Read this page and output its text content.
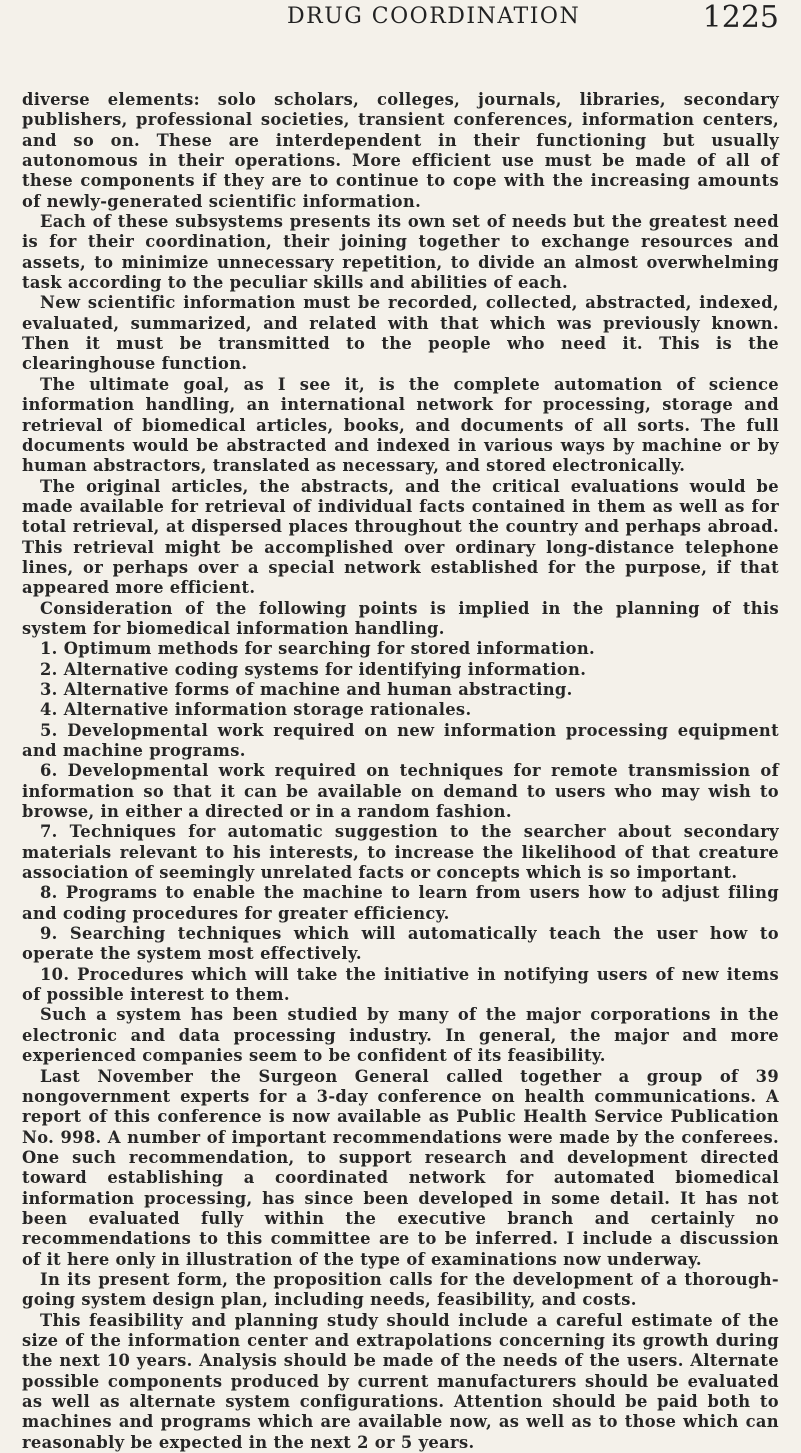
DRUG COORDINATION	1225

diverse elements: solo scholars, colleges, journals, libraries, secondary publishers, professional societies, transient conferences, information centers, and so on. These are interdependent in their functioning but usually autonomous in their operations. More efficient use must be made of all of these components if they are to continue to cope with the increasing amounts of newly-generated scientific information.

Each of these subsystems presents its own set of needs but the greatest need is for their coordination, their joining together to exchange resources and assets, to minimize unnecessary repetition, to divide an almost overwhelming task according to the peculiar skills and abilities of each.

New scientific information must be recorded, collected, abstracted, indexed, evaluated, summarized, and related with that which was previously known. Then it must be transmitted to the people who need it. This is the clearinghouse function.

The ultimate goal, as I see it, is the complete automation of science information handling, an international network for processing, storage and retrieval of biomedical articles, books, and documents of all sorts. The full documents would be abstracted and indexed in various ways by machine or by human abstractors, translated as necessary, and stored electronically.

The original articles, the abstracts, and the critical evaluations would be made available for retrieval of individual facts contained in them as well as for total retrieval, at dispersed places throughout the country and perhaps abroad. This retrieval might be accomplished over ordinary long-distance telephone lines, or perhaps over a special network established for the purpose, if that appeared more efficient.

Consideration of the following points is implied in the planning of this system for biomedical information handling.

1. Optimum methods for searching for stored information.
2. Alternative coding systems for identifying information.
3. Alternative forms of machine and human abstracting.
4. Alternative information storage rationales.
5. Developmental work required on new information processing equipment and machine programs.
6. Developmental work required on techniques for remote transmission of information so that it can be available on demand to users who may wish to browse, in either a directed or in a random fashion.
7. Techniques for automatic suggestion to the searcher about secondary materials relevant to his interests, to increase the likelihood of that creature association of seemingly unrelated facts or concepts which is so important.
8. Programs to enable the machine to learn from users how to adjust filing and coding procedures for greater efficiency.
9. Searching techniques which will automatically teach the user how to operate the system most effectively.
10. Procedures which will take the initiative in notifying users of new items of possible interest to them.

Such a system has been studied by many of the major corporations in the electronic and data processing industry. In general, the major and more experienced companies seem to be confident of its feasibility.

Last November the Surgeon General called together a group of 39 nongovernment experts for a 3-day conference on health communications. A report of this conference is now available as Public Health Service Publication No. 998. A number of important recommendations were made by the conferees. One such recommendation, to support research and development directed toward establishing a coordinated network for automated biomedical information processing, has since been developed in some detail. It has not been evaluated fully within the executive branch and certainly no recommendations to this committee are to be inferred. I include a discussion of it here only in illustration of the type of examinations now underway.

In its present form, the proposition calls for the development of a thorough-going system design plan, including needs, feasibility, and costs.

This feasibility and planning study should include a careful estimate of the size of the information center and extrapolations concerning its growth during the next 10 years. Analysis should be made of the needs of the users. Alternate possible components produced by current manufacturers should be evaluated as well as alternate system configurations. Attention should be paid both to machines and programs which are available now, as well as to those which can reasonably be expected in the next 2 or 5 years.
